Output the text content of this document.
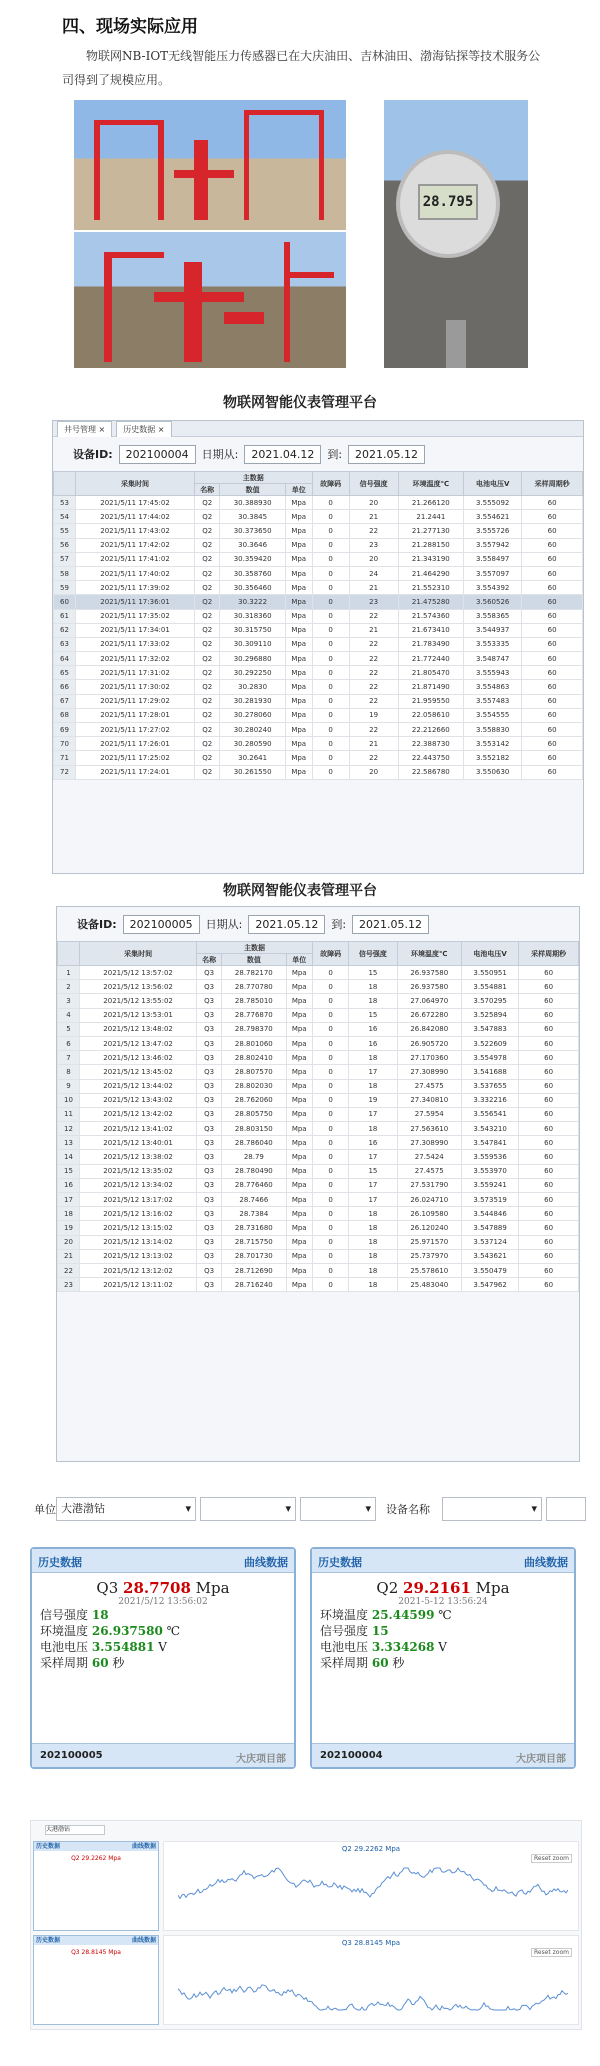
四、现场实际应用

物联网NB-IOT无线智能压力传感器已在大庆油田、吉林油田、渤海钻探等技术服务公司得到了规模应用。

28.795
物联网智能仪表管理平台
井号管理 × 历史数据 ×
设备ID:	202100004	日期从:	2021.04.12	到:	2021.05.12
	采集时间	主数据			故障码	信号强度	环境温度℃	电池电压V	采样周期秒
		名称	数值	单位					
53	2021/5/11 17:45:02	Q2	30.388930	Mpa	0	20	21.266120	3.555092	60
54	2021/5/11 17:44:02	Q2	30.3845	Mpa	0	21	21.2441	3.554621	60
55	2021/5/11 17:43:02	Q2	30.373650	Mpa	0	22	21.277130	3.555726	60
56	2021/5/11 17:42:02	Q2	30.3646	Mpa	0	23	21.288150	3.557942	60
57	2021/5/11 17:41:02	Q2	30.359420	Mpa	0	20	21.343190	3.558497	60
58	2021/5/11 17:40:02	Q2	30.358760	Mpa	0	24	21.464290	3.557097	60
59	2021/5/11 17:39:02	Q2	30.356460	Mpa	0	21	21.552310	3.554392	60
60	2021/5/11 17:36:01	Q2	30.3222	Mpa	0	23	21.475280	3.560526	60
61	2021/5/11 17:35:02	Q2	30.318360	Mpa	0	22	21.574360	3.558365	60
62	2021/5/11 17:34:01	Q2	30.315750	Mpa	0	21	21.673410	3.544937	60
63	2021/5/11 17:33:02	Q2	30.309110	Mpa	0	22	21.783490	3.553335	60
64	2021/5/11 17:32:02	Q2	30.296880	Mpa	0	22	21.772440	3.548747	60
65	2021/5/11 17:31:02	Q2	30.292250	Mpa	0	22	21.805470	3.555943	60
66	2021/5/11 17:30:02	Q2	30.2830	Mpa	0	22	21.871490	3.554863	60
67	2021/5/11 17:29:02	Q2	30.281930	Mpa	0	22	21.959550	3.557483	60
68	2021/5/11 17:28:01	Q2	30.278060	Mpa	0	19	22.058610	3.554555	60
69	2021/5/11 17:27:02	Q2	30.280240	Mpa	0	22	22.212660	3.558830	60
70	2021/5/11 17:26:01	Q2	30.280590	Mpa	0	21	22.388730	3.553142	60
71	2021/5/11 17:25:02	Q2	30.2641	Mpa	0	22	22.443750	3.552182	60
72	2021/5/11 17:24:01	Q2	30.261550	Mpa	0	20	22.586780	3.550630	60
物联网智能仪表管理平台
设备ID:	202100005	日期从:	2021.05.12	到:	2021.05.12
	采集时间	主数据			故障码	信号强度	环境温度℃	电池电压V	采样周期秒
		名称	数值	单位					
1	2021/5/12 13:57:02	Q3	28.782170	Mpa	0	15	26.937580	3.550951	60
2	2021/5/12 13:56:02	Q3	28.770780	Mpa	0	18	26.937580	3.554881	60
3	2021/5/12 13:55:02	Q3	28.785010	Mpa	0	18	27.064970	3.570295	60
4	2021/5/12 13:53:01	Q3	28.776870	Mpa	0	15	26.672280	3.525894	60
5	2021/5/12 13:48:02	Q3	28.798370	Mpa	0	16	26.842080	3.547883	60
6	2021/5/12 13:47:02	Q3	28.801060	Mpa	0	16	26.905720	3.522609	60
7	2021/5/12 13:46:02	Q3	28.802410	Mpa	0	18	27.170360	3.554978	60
8	2021/5/12 13:45:02	Q3	28.807570	Mpa	0	17	27.308990	3.541688	60
9	2021/5/12 13:44:02	Q3	28.802030	Mpa	0	18	27.4575	3.537655	60
10	2021/5/12 13:43:02	Q3	28.762060	Mpa	0	19	27.340810	3.332216	60
11	2021/5/12 13:42:02	Q3	28.805750	Mpa	0	17	27.5954	3.556541	60
12	2021/5/12 13:41:02	Q3	28.803150	Mpa	0	18	27.563610	3.543210	60
13	2021/5/12 13:40:01	Q3	28.786040	Mpa	0	16	27.308990	3.547841	60
14	2021/5/12 13:38:02	Q3	28.79	Mpa	0	17	27.5424	3.559536	60
15	2021/5/12 13:35:02	Q3	28.780490	Mpa	0	15	27.4575	3.553970	60
16	2021/5/12 13:34:02	Q3	28.776460	Mpa	0	17	27.531790	3.559241	60
17	2021/5/12 13:17:02	Q3	28.7466	Mpa	0	17	26.024710	3.573519	60
18	2021/5/12 13:16:02	Q3	28.7384	Mpa	0	18	26.109580	3.544846	60
19	2021/5/12 13:15:02	Q3	28.731680	Mpa	0	18	26.120240	3.547889	60
20	2021/5/12 13:14:02	Q3	28.715750	Mpa	0	18	25.971570	3.537124	60
21	2021/5/12 13:13:02	Q3	28.701730	Mpa	0	18	25.737970	3.543621	60
22	2021/5/12 13:12:02	Q3	28.712690	Mpa	0	18	25.578610	3.550479	60
23	2021/5/12 13:11:02	Q3	28.716240	Mpa	0	18	25.483040	3.547962	60
单位 大港渤钻	▾	▾	▾ 设备名称	▾
历史数据	曲线数据
Q3 28.7708 Mpa
2021/5/12 13:56:02
信号强度 18
环境温度 26.937580 ℃
电池电压 3.554881 V
采样周期 60 秒
202100005	大庆项目部
历史数据	曲线数据
Q2 29.2161 Mpa
2021-5-12 13:56:24
环境温度 25.44599 ℃
信号强度 15
电池电压 3.334268 V
采样周期 60 秒
202100004	大庆项目部
大港渤钻
历史数据	曲线数据
Q2 29.2262 Mpa
Q2 29.2262 Mpa
Reset zoom
历史数据	曲线数据
Q3 28.8145 Mpa
Q3 28.8145 Mpa
Reset zoom
